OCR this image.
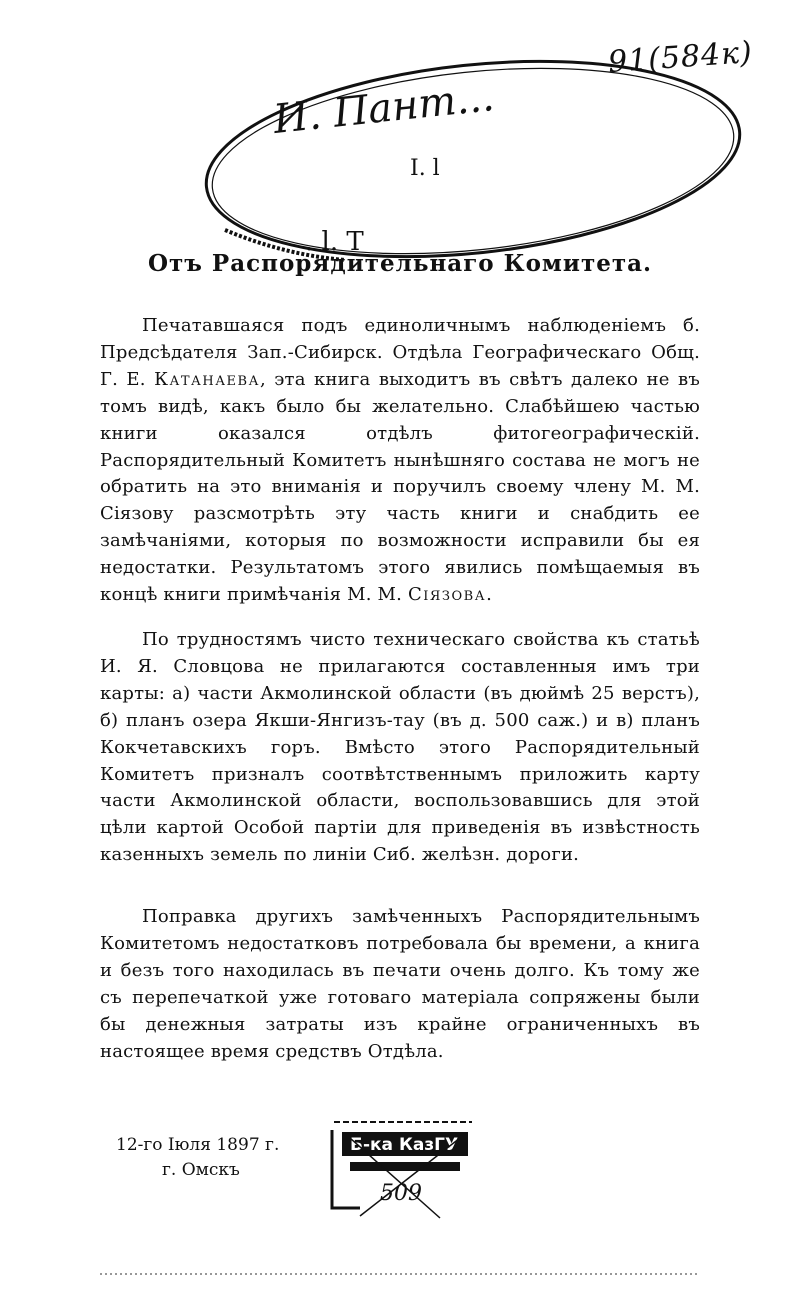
91(584к)
И. Пант...
I. l
. l. T
Отъ Распорядительнаго Комитета.

Печатавшаяся подъ единоличнымъ наблюденіемъ б. Предсѣдателя Зап.-Сибирск. Отдѣла Географическаго Общ. Г. Е. Катанаева, эта книга выходитъ въ свѣтъ далеко не въ томъ видѣ, какъ было бы желательно. Слабѣйшею частью книги оказался отдѣлъ фитогеографическій. Распорядительный Комитетъ нынѣшняго состава не могъ не обратить на это вниманія и поручилъ своему члену М. М. Сіязову разсмотрѣть эту часть книги и снабдить ее замѣчаніями, которыя по возможности исправили бы ея недостатки. Результатомъ этого явились помѣщаемыя въ концѣ книги примѣчанія М. М. Сіязова.

По трудностямъ чисто техническаго свойства къ статьѣ И. Я. Словцова не прилагаются составленныя имъ три карты: а) части Акмолинской области (въ дюймѣ 25 верстъ), б) планъ озера Якши-Янгизъ-тау (въ д. 500 саж.) и в) планъ Кокчетавскихъ горъ. Вмѣсто этого Распорядительный Комитетъ призналъ соотвѣтственнымъ приложить карту части Акмолинской области, воспользовавшись для этой цѣли картой Особой партіи для приведенія въ извѣстность казенныхъ земель по линіи Сиб. желѣзн. дороги.

Поправка другихъ замѣченныхъ Распорядительнымъ Комитетомъ недостатковъ потребовала бы времени, а книга и безъ того находилась въ печати очень долго. Къ тому же съ перепечаткой уже готоваго матеріала сопряжены были бы денежныя затраты изъ крайне ограниченныхъ въ настоящее время средствъ Отдѣла.

12-го Іюля 1897 г.
г. Омскъ
Б-ка КазГУ
509
